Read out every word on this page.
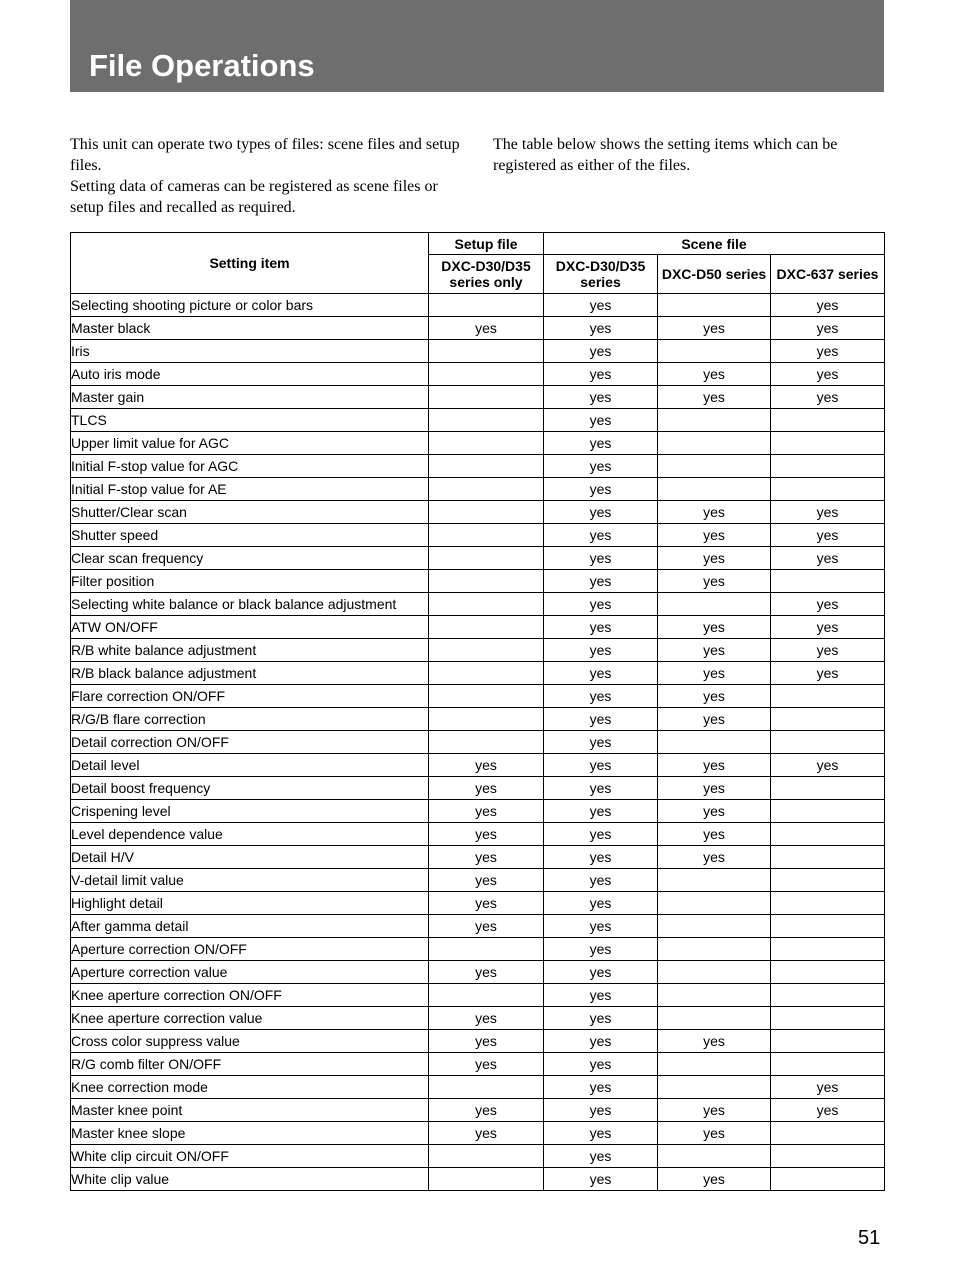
File Operations

This unit can operate two types of files: scene files and setup files.

Setting data of cameras can be registered as scene files or setup files and recalled as required.

The table below shows the setting items which can be registered as either of the files.

Setting item	Setup file	Scene file		
	DXC-D30/D35 series only	DXC-D30/D35 series	DXC-D50 series	DXC-637 series
Selecting shooting picture or color bars		yes		yes
Master black	yes	yes	yes	yes
Iris		yes		yes
Auto iris mode		yes	yes	yes
Master gain		yes	yes	yes
TLCS		yes		
Upper limit value for AGC		yes		
Initial F-stop value for AGC		yes		
Initial F-stop value for AE		yes		
Shutter/Clear scan		yes	yes	yes
Shutter speed		yes	yes	yes
Clear scan frequency		yes	yes	yes
Filter position		yes	yes	
Selecting white balance or black balance adjustment		yes		yes
ATW ON/OFF		yes	yes	yes
R/B white balance adjustment		yes	yes	yes
R/B black balance adjustment		yes	yes	yes
Flare correction ON/OFF		yes	yes	
R/G/B flare correction		yes	yes	
Detail correction ON/OFF		yes		
Detail level	yes	yes	yes	yes
Detail boost frequency	yes	yes	yes	
Crispening level	yes	yes	yes	
Level dependence value	yes	yes	yes	
Detail H/V	yes	yes	yes	
V-detail limit value	yes	yes		
Highlight detail	yes	yes		
After gamma detail	yes	yes		
Aperture correction ON/OFF		yes		
Aperture correction value	yes	yes		
Knee aperture correction ON/OFF		yes		
Knee aperture correction value	yes	yes		
Cross color suppress value	yes	yes	yes	
R/G comb filter ON/OFF	yes	yes		
Knee correction mode		yes		yes
Master knee point	yes	yes	yes	yes
Master knee slope	yes	yes	yes	
White clip circuit ON/OFF		yes		
White clip value		yes	yes	
51
